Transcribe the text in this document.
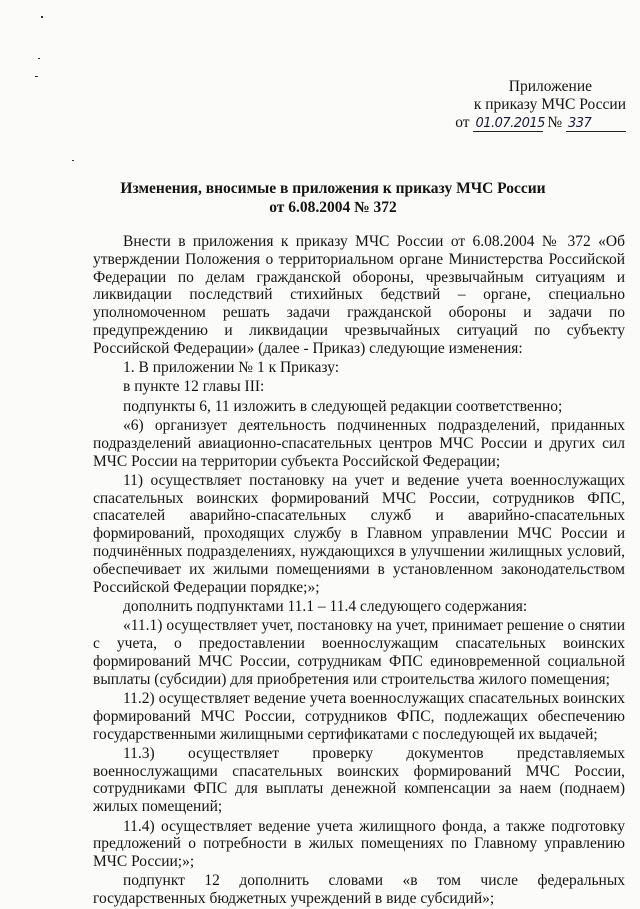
Приложение
к приказу МЧС России
от 01.07.2015 № 337
Изменения, вносимые в приложения к приказу МЧС России
от 6.08.2004 № 372

Внести в приложения к приказу МЧС России от 6.08.2004 № 372 «Об утверждении Положения о территориальном органе Министерства Российской Федерации по делам гражданской обороны, чрезвычайным ситуациям и ликвидации последствий стихийных бедствий – органе, специально уполномоченном решать задачи гражданской обороны и задачи по предупреждению и ликвидации чрезвычайных ситуаций по субъекту Российской Федерации» (далее - Приказ) следующие изменения:

1. В приложении № 1 к Приказу:

в пункте 12 главы III:

подпункты 6, 11 изложить в следующей редакции соответственно;

«6) организует деятельность подчиненных подразделений, приданных подразделений авиационно-спасательных центров МЧС России и других сил МЧС России на территории субъекта Российской Федерации;

11) осуществляет постановку на учет и ведение учета военнослужащих спасательных воинских формирований МЧС России, сотрудников ФПС, спасателей аварийно-спасательных служб и аварийно-спасательных формирований, проходящих службу в Главном управлении МЧС России и подчинённых подразделениях, нуждающихся в улучшении жилищных условий, обеспечивает их жилыми помещениями в установленном законодательством Российской Федерации порядке;»;

дополнить подпунктами 11.1 – 11.4 следующего содержания:

«11.1) осуществляет учет, постановку на учет, принимает решение о снятии с учета, о предоставлении военнослужащим спасательных воинских формирований МЧС России, сотрудникам ФПС единовременной социальной выплаты (субсидии) для приобретения или строительства жилого помещения;

11.2) осуществляет ведение учета военнослужащих спасательных воинских формирований МЧС России, сотрудников ФПС, подлежащих обеспечению государственными жилищными сертификатами с последующей их выдачей;

11.3) осуществляет проверку документов представляемых военнослужащими спасательных воинских формирований МЧС России, сотрудниками ФПС для выплаты денежной компенсации за наем (поднаем) жилых помещений;

11.4) осуществляет ведение учета жилищного фонда, а также подготовку предложений о потребности в жилых помещениях по Главному управлению МЧС России;»;

подпункт 12 дополнить словами «в том числе федеральных государственных бюджетных учреждений в виде субсидий»;
